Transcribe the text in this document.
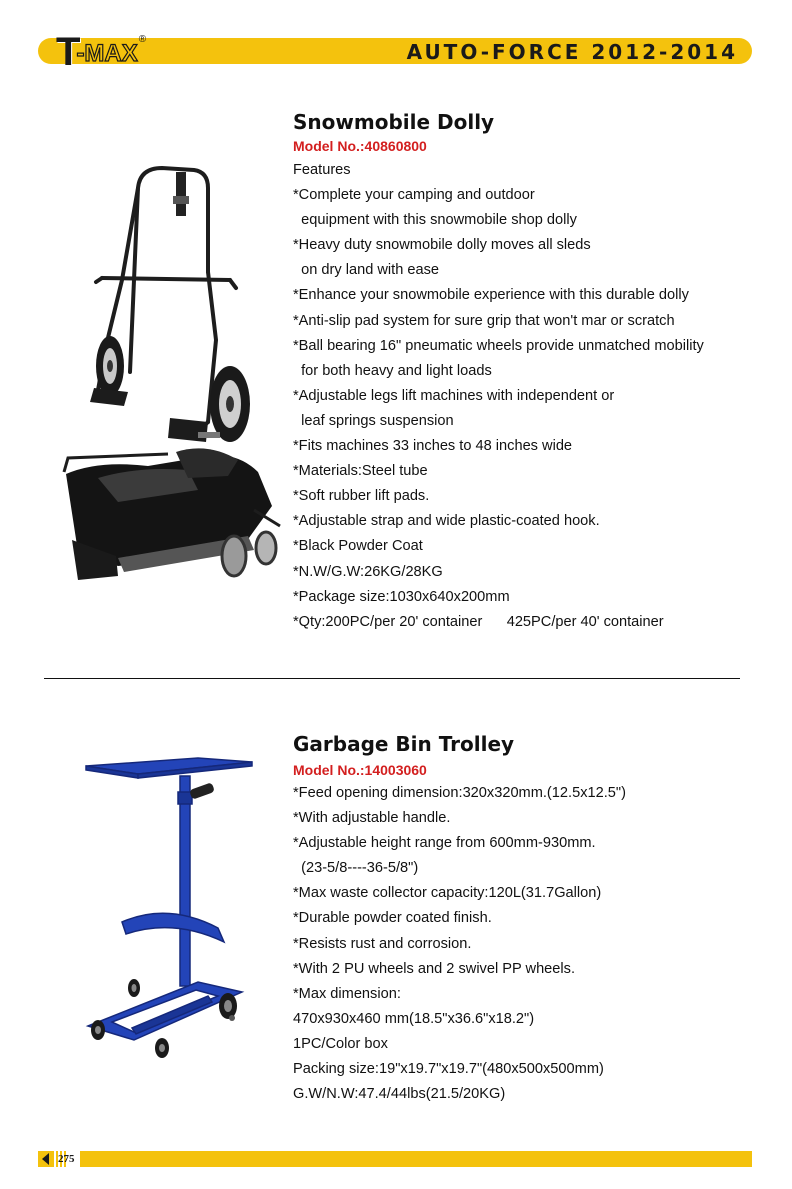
T
-MAX
®
AUTO-FORCE 2012-2014
Snowmobile Dolly
Model No.:40860800
Features
*Complete your camping and outdoor
equipment with this snowmobile shop dolly
*Heavy duty snowmobile dolly moves all sleds
on dry land with ease
*Enhance your snowmobile experience with this durable dolly
*Anti-slip pad system for sure grip that won't mar or scratch
*Ball bearing 16" pneumatic wheels provide unmatched mobility
for both heavy and light loads
*Adjustable legs lift machines with independent or
leaf springs suspension
*Fits machines 33 inches to 48 inches wide
*Materials:Steel tube
*Soft rubber lift pads.
*Adjustable strap and wide plastic-coated hook.
*Black Powder Coat
*N.W/G.W:26KG/28KG
*Package size:1030x640x200mm
*Qty:200PC/per 20' container      425PC/per 40' container
Garbage Bin Trolley
Model No.:14003060
*Feed opening dimension:320x320mm.(12.5x12.5")
*With adjustable handle.
*Adjustable height range from 600mm-930mm.
(23-5/8----36-5/8")
*Max waste collector capacity:120L(31.7Gallon)
*Durable powder coated finish.
*Resists rust and corrosion.
*With 2 PU wheels and 2 swivel PP wheels.
*Max dimension:
470x930x460 mm(18.5"x36.6"x18.2")
1PC/Color box
Packing size:19"x19.7"x19.7"(480x500x500mm)
G.W/N.W:47.4/44lbs(21.5/20KG)
275
